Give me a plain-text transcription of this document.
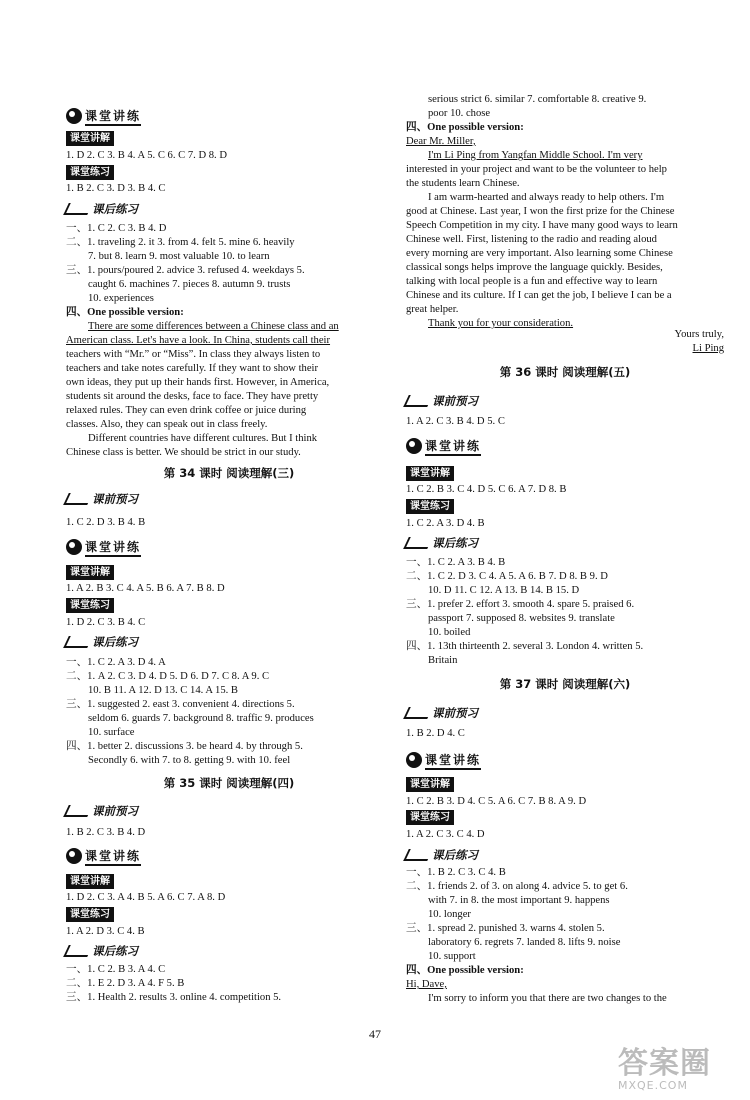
课堂讲练
课堂讲解
1. D 2. C 3. B 4. A 5. C 6. C 7. D 8. D
课堂练习
1. B 2. C 3. D 3. B 4. C
课后练习
一、1. C 2. C 3. B 4. D
二、1. traveling 2. it 3. from 4. felt 5. mine 6. heavily
7. but 8. learn 9. most valuable 10. to learn
三、1. pours/poured 2. advice 3. refused 4. weekdays 5.
caught 6. machines 7. pieces 8. autumn 9. trusts
10. experiences
四、One possible version:
There are some differences between a Chinese class and an
American class. Let's have a look. In China, students call their
teachers with “Mr.” or “Miss”. In class they always listen to
teachers and take notes carefully. If they want to show their
own ideas, they put up their hands first. However, in America,
students sit around the desks, face to face. They have pretty
relaxed rules. They can even drink coffee or juice during
classes. Also, they can speak out in class freely.
Different countries have different cultures. But I think
Chinese class is better. We should be strict in our study.
第 34 课时 阅读理解(三)
课前预习
1. C 2. D 3. B 4. B
课堂讲练
课堂讲解
1. A 2. B 3. C 4. A 5. B 6. A 7. B 8. D
课堂练习
1. D 2. C 3. B 4. C
课后练习
一、1. C 2. A 3. D 4. A
二、1. A 2. C 3. D 4. D 5. D 6. D 7. C 8. A 9. C
10. B 11. A 12. D 13. C 14. A 15. B
三、1. suggested 2. east 3. convenient 4. directions 5.
seldom 6. guards 7. background 8. traffic 9. produces
10. surface
四、1. better 2. discussions 3. be heard 4. by through 5.
Secondly 6. with 7. to 8. getting 9. with 10. feel
第 35 课时 阅读理解(四)
课前预习
1. B 2. C 3. B 4. D
课堂讲练
课堂讲解
1. D 2. C 3. A 4. B 5. A 6. C 7. A 8. D
课堂练习
1. A 2. D 3. C 4. B
课后练习
一、1. C 2. B 3. A 4. C
二、1. E 2. D 3. A 4. F 5. B
三、1. Health 2. results 3. online 4. competition 5.
serious strict 6. similar 7. comfortable 8. creative 9.
poor 10. chose
四、One possible version:
Dear Mr. Miller,
I'm Li Ping from Yangfan Middle School. I'm very
interested in your project and want to be the volunteer to help
the students learn Chinese.
I am warm-hearted and always ready to help others. I'm
good at Chinese. Last year, I won the first prize for the Chinese
Speech Competition in my city. I have many good ways to learn
Chinese well. First, listening to the radio and reading aloud
every morning are very important. Also learning some Chinese
classical songs helps improve the language quickly. Besides,
talking with local people is a fun and effective way to learn
Chinese and its culture. If I can get the job, I believe I can be a
great helper.
Thank you for your consideration.
Yours truly,
Li Ping
第 36 课时 阅读理解(五)
课前预习
1. A 2. C 3. B 4. D 5. C
课堂讲练
课堂讲解
1. C 2. B 3. C 4. D 5. C 6. A 7. D 8. B
课堂练习
1. C 2. A 3. D 4. B
课后练习
一、1. C 2. A 3. B 4. B
二、1. C 2. D 3. C 4. A 5. A 6. B 7. D 8. B 9. D
10. D 11. C 12. A 13. B 14. B 15. D
三、1. prefer 2. effort 3. smooth 4. spare 5. praised 6.
passport 7. supposed 8. websites 9. translate
10. boiled
四、1. 13th thirteenth 2. several 3. London 4. written 5.
Britain
第 37 课时 阅读理解(六)
课前预习
1. B 2. D 4. C
课堂讲练
课堂讲解
1. C 2. B 3. D 4. C 5. A 6. C 7. B 8. A 9. D
课堂练习
1. A 2. C 3. C 4. D
课后练习
一、1. B 2. C 3. C 4. B
二、1. friends 2. of 3. on along 4. advice 5. to get 6.
with 7. in 8. the most important 9. happens
10. longer
三、1. spread 2. punished 3. warns 4. stolen 5.
laboratory 6. regrets 7. landed 8. lifts 9. noise
10. support
四、One possible version:
Hi, Dave,
I'm sorry to inform you that there are two changes to the
47
答案圈
MXQE.COM
